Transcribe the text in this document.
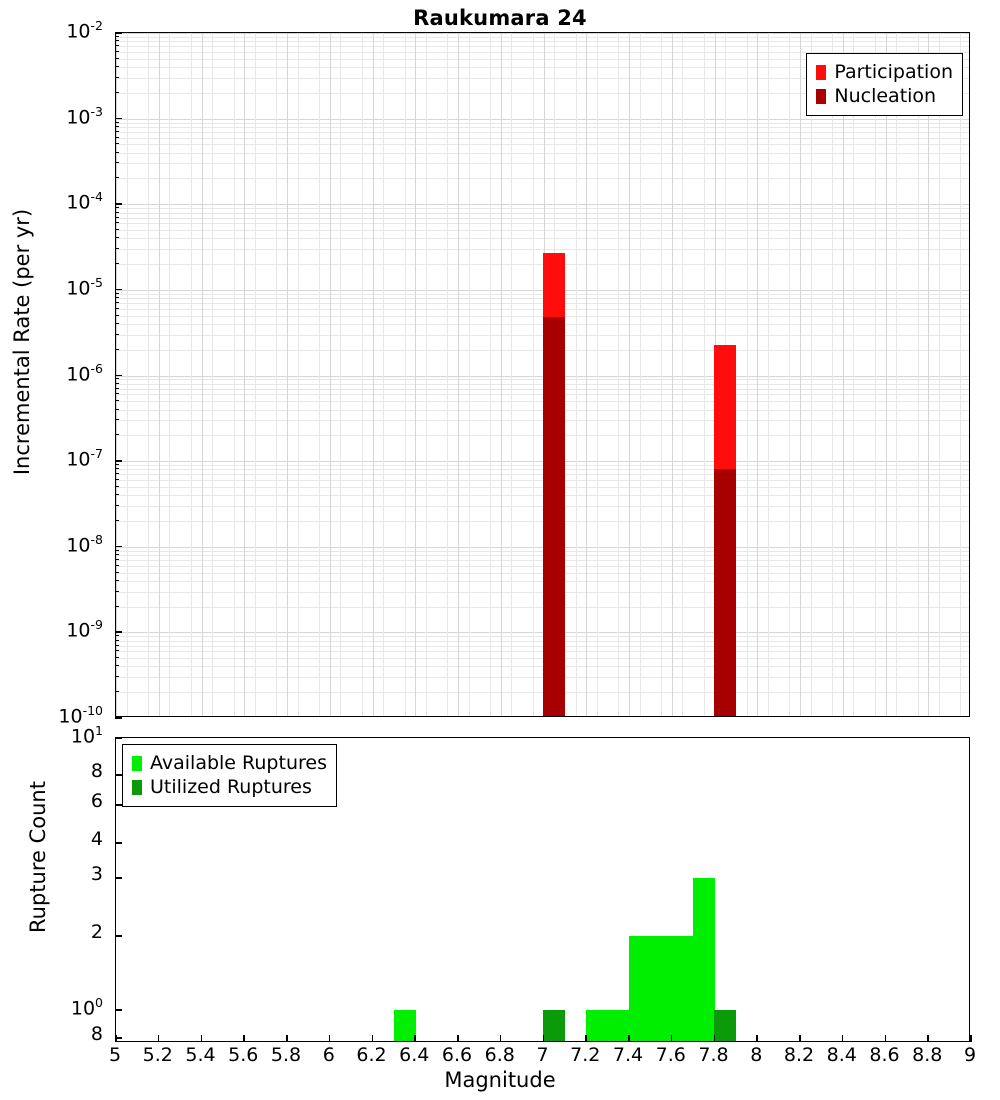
Raukumara 24
Participation
Nucleation
$10^{-2}$
$10^{-3}$
$10^{-4}$
$10^{-5}$
$10^{-6}$
$10^{-7}$
$10^{-8}$
$10^{-9}$
$10^{-10}$
Incremental Rate (per yr)
Available Ruptures
Utilized Ruptures
$10^1$
8
6
4
3
2
$10^0$
8
Rupture Count
5	5.2 5.4 5.6 5.8	6	6.2 6.4 6.6 6.8	7	7.2 7.4 7.6 7.8	8	8.2 8.4 8.6 8.8	9
Magnitude
